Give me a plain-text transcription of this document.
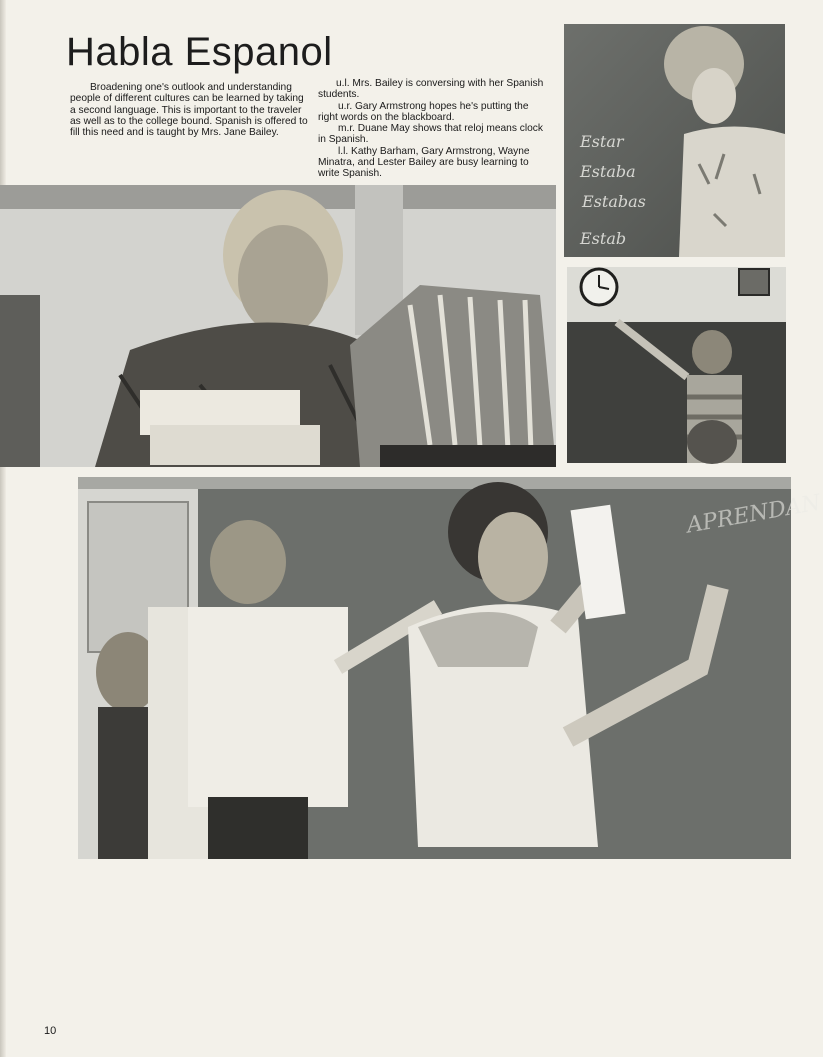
Habla Espanol

Broadening one's outlook and understanding people of different cultures can be learned by taking a second language. This is important to the traveler as well as to the college bound. Spanish is offered to fill this need and is taught by Mrs. Jane Bailey.

u.l. Mrs. Bailey is conversing with her Spanish students.

u.r. Gary Armstrong hopes he's putting the right words on the blackboard.

m.r. Duane May shows that reloj means clock in Spanish.

l.l. Kathy Barham, Gary Armstrong, Wayne Minatra, and Lester Bailey are busy learning to write Spanish.

Estar
Estaba
Estabas
Estab
APRENDAN

10
